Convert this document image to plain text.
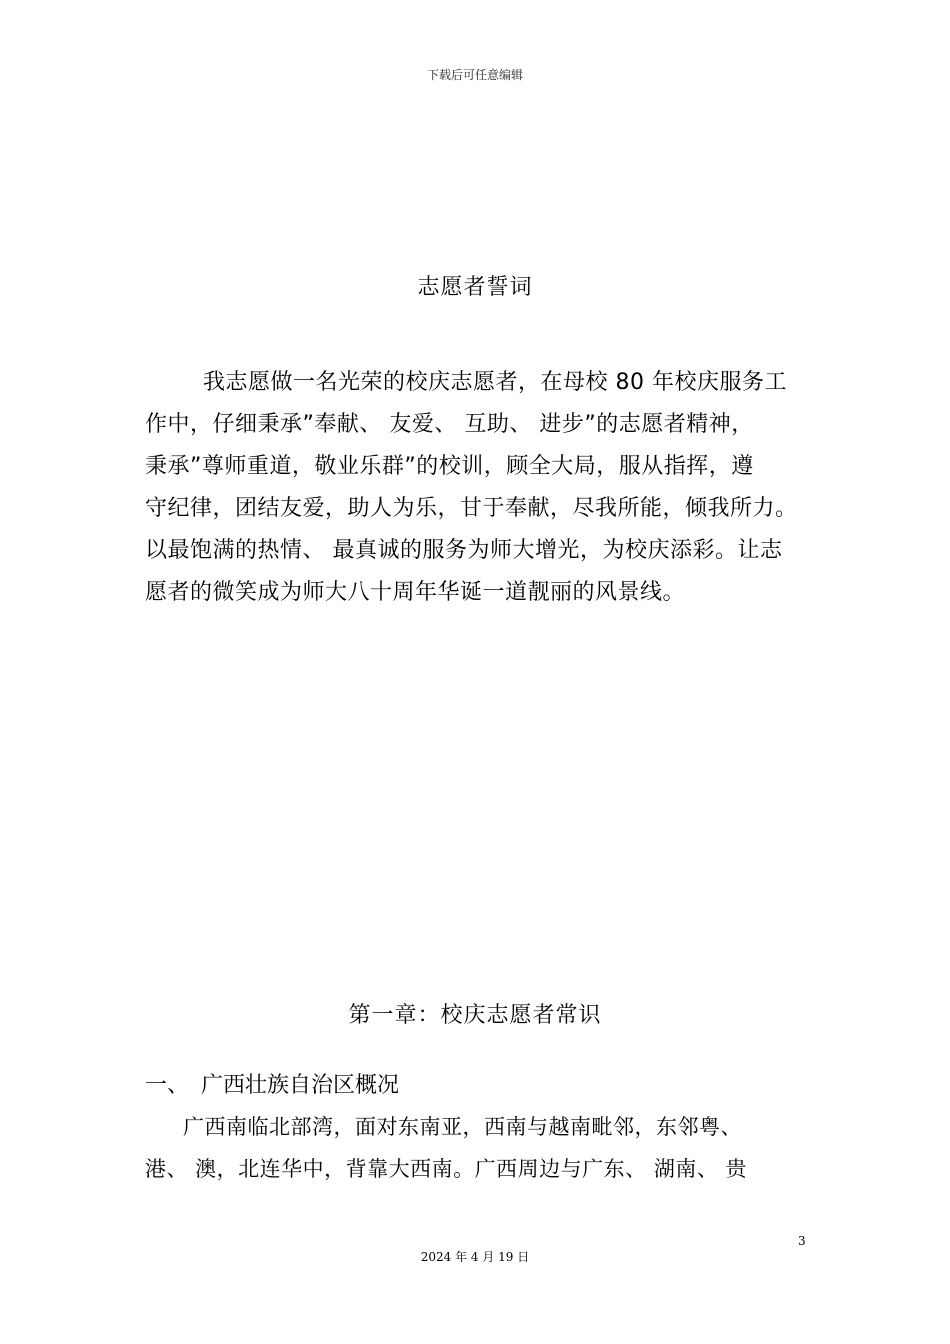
下载后可任意编辑
志愿者誓词
我志愿做一名光荣的校庆志愿者，在母校 80 年校庆服务工
作中，仔细秉承”奉献、 友爱、 互助、 进步”的志愿者精神，
秉承”尊师重道，敬业乐群”的校训，顾全大局，服从指挥，遵
守纪律，团结友爱，助人为乐，甘于奉献，尽我所能，倾我所力。
以最饱满的热情、 最真诚的服务为师大增光，为校庆添彩。让志
愿者的微笑成为师大八十周年华诞一道靓丽的风景线。
第一章：校庆志愿者常识
一、 广西壮族自治区概况
广西南临北部湾，面对东南亚，西南与越南毗邻，东邻粤、
港、 澳，北连华中，背靠大西南。广西周边与广东、 湖南、 贵
3
2024 年 4 月 19 日
